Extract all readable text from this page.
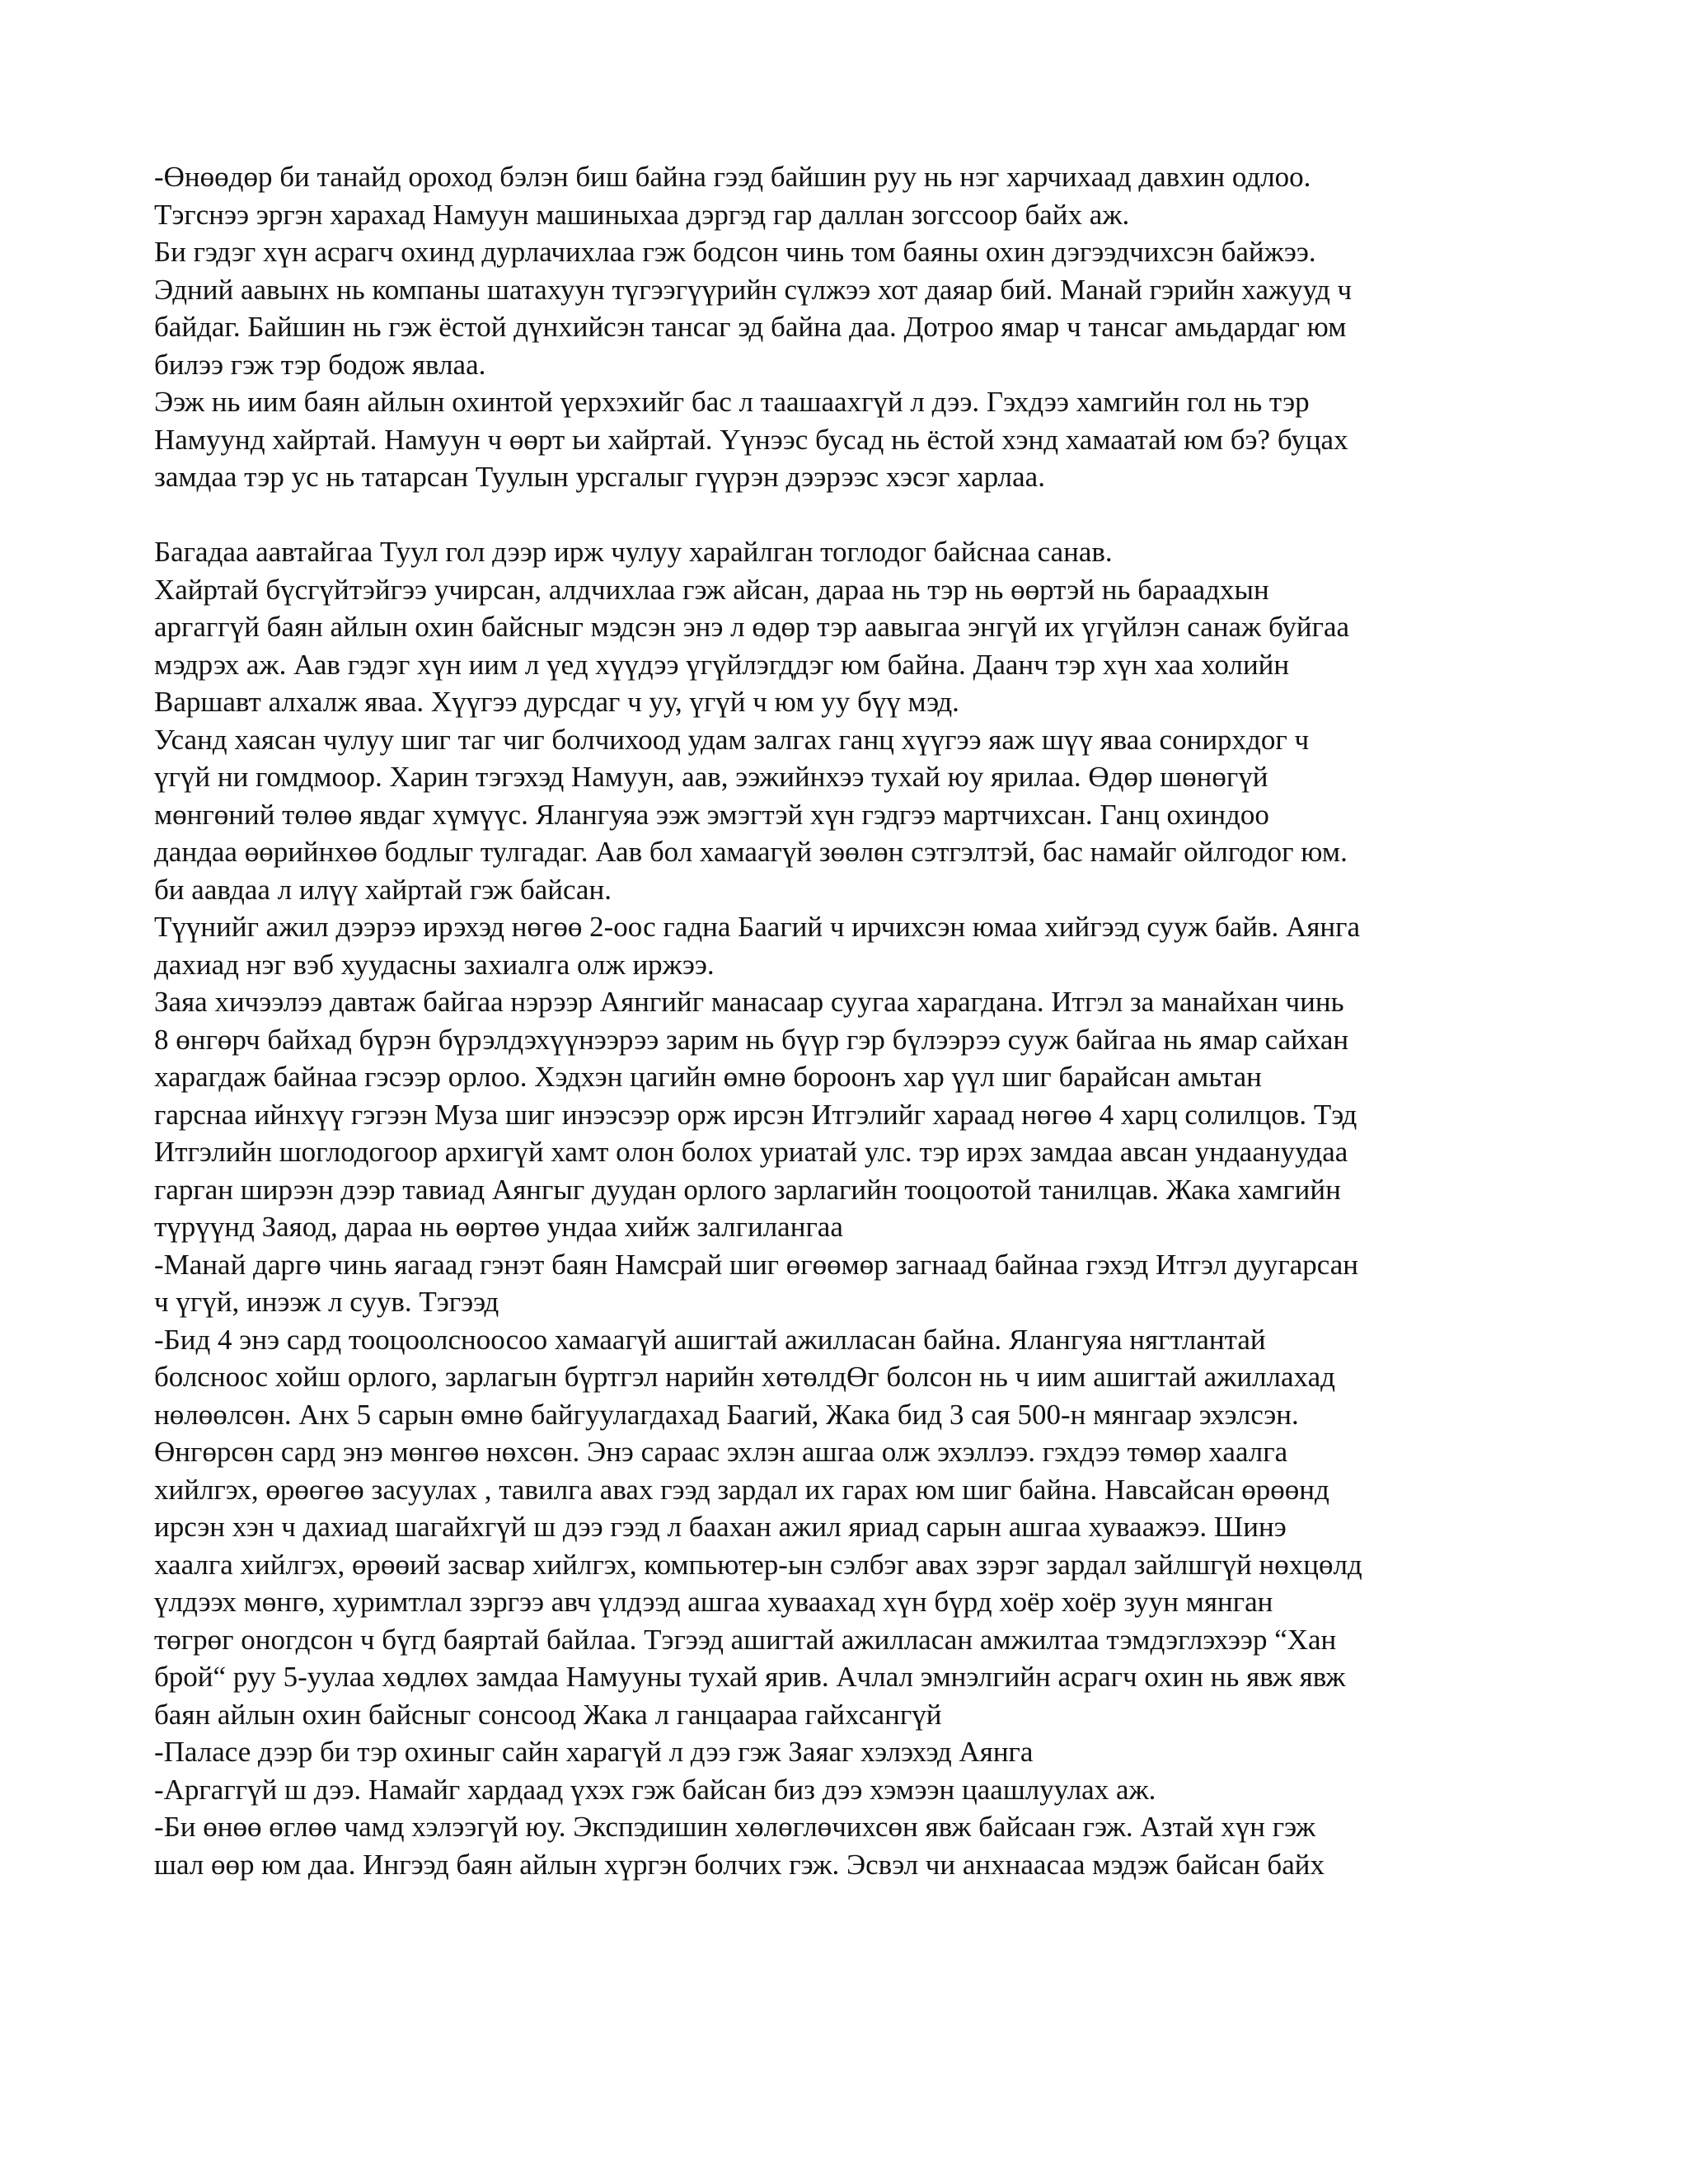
-Өнөөдөр би танайд ороход бэлэн биш байна гээд байшин руу нь нэг харчихаад давхин одлоо.
Тэгснээ эргэн харахад Намуун машиныхаа дэргэд гар даллан зогссоор байх аж.
Би гэдэг хүн асрагч охинд дурлачихлаа гэж бодсон чинь том баяны охин дэгээдчихсэн байжээ.
Эдний аавынх нь компаны шатахуун түгээгүүрийн сүлжээ хот даяар бий. Манай гэрийн хажууд ч
байдаг. Байшин нь гэж ёстой дүнхийсэн тансаг эд байна даа. Дотроо ямар ч тансаг амьдардаг юм
билээ гэж тэр бодож явлаа.
Ээж нь иим баян айлын охинтой үерхэхийг бас л таашаахгүй л дээ. Гэхдээ хамгийн гол нь тэр
Намуунд хайртай. Намуун ч өөрт ьи хайртай. Үүнээс бусад нь ёстой хэнд хамаатай юм бэ? буцах
замдаа тэр ус нь татарсан Туулын урсгалыг гүүрэн дээрээс хэсэг харлаа.
Багадаа аавтайгаа Туул гол дээр ирж чулуу харайлган тоглодог байснаа санав.
Хайртай бүсгүйтэйгээ учирсан, алдчихлаа гэж айсан, дараа нь тэр нь өөртэй нь бараадхын
аргаггүй баян айлын охин байсныг мэдсэн энэ л өдөр тэр аавыгаа энгүй их үгүйлэн санаж буйгаа
мэдрэх аж. Аав гэдэг хүн иим л үед хүүдээ үгүйлэгддэг юм байна. Даанч тэр хүн хаа холийн
Варшавт алхалж яваа. Хүүгээ дурсдаг ч уу, үгүй ч юм уу бүү мэд.
Усанд хаясан чулуу шиг таг чиг болчихоод удам залгах ганц хүүгээ яаж шүү яваа сонирхдог ч
үгүй ни гомдмоор. Харин тэгэхэд Намуун, аав, ээжийнхээ тухай юу ярилаа. Өдөр шөнөгүй
мөнгөний төлөө явдаг хүмүүс. Ялангуяа ээж эмэгтэй хүн гэдгээ мартчихсан. Ганц охиндоо
дандаа өөрийнхөө бодлыг тулгадаг. Аав бол хамаагүй зөөлөн сэтгэлтэй, бас намайг ойлгодог юм.
би аавдаа л илүү хайртай гэж байсан.
Түүнийг ажил дээрээ ирэхэд нөгөө 2-оос гадна Баагий ч ирчихсэн юмаа хийгээд сууж байв. Аянга
дахиад нэг вэб хуудасны захиалга олж иржээ.
Заяа хичээлээ давтаж байгаа нэрээр Аянгийг манасаар суугаа харагдана. Итгэл за манайхан чинь
8 өнгөрч байхад бүрэн бүрэлдэхүүнээрээ зарим нь бүүр гэр бүлээрээ сууж байгаа нь ямар сайхан
харагдаж байнаа гэсээр орлоо. Хэдхэн цагийн өмнө бороонъ хар үүл шиг барайсан амьтан
гарснаа ийнхүү гэгээн Муза шиг инээсээр орж ирсэн Итгэлийг хараад нөгөө 4 харц солилцов. Тэд
Итгэлийн шоглодогоор архигүй хамт олон болох уриатай улс. тэр ирэх замдаа авсан ундаануудаа
гарган ширээн дээр тавиад Аянгыг дуудан орлого зарлагийн тооцоотой танилцав. Жака хамгийн
түрүүнд Заяод, дараа нь өөртөө ундаа хийж залгилангаа
-Манай даргө чинь яагаад гэнэт баян Намсрай шиг өгөөмөр загнаад байнаа гэхэд Итгэл дуугарсан
ч үгүй, инээж л суув. Тэгээд
-Бид 4 энэ сард тооцоолсноосоо хамаагүй ашигтай ажилласан байна. Ялангуяа нягтлантай
болсноос хойш орлого, зарлагын бүртгэл нарийн хөтөлдӨг болсон нь ч иим ашигтай ажиллахад
нөлөөлсөн. Анх 5 сарын өмнө байгуулагдахад Баагий, Жака бид 3 сая 500-н мянгаар эхэлсэн.
Өнгөрсөн сард энэ мөнгөө нөхсөн. Энэ сараас эхлэн ашгаа олж эхэллээ. гэхдээ төмөр хаалга
хийлгэх, өрөөгөө засуулах , тавилга авах гээд зардал их гарах юм шиг байна. Навсайсан өрөөнд
ирсэн хэн ч дахиад шагайхгүй ш дээ гээд л баахан ажил яриад сарын ашгаа хуваажээ. Шинэ
хаалга хийлгэх, өрөөий засвар хийлгэх, компьютер-ын сэлбэг авах зэрэг зардал зайлшгүй нөхцөлд
үлдээх мөнгө, хуримтлал зэргээ авч үлдээд ашгаа хуваахад хүн бүрд хоёр хоёр зуун мянган
төгрөг оногдсон ч бүгд баяртай байлаа. Тэгээд ашигтай ажилласан амжилтаа тэмдэглэхээр “Хан
брой“ руу 5-уулаа хөдлөх замдаа Намууны тухай ярив. Ачлал эмнэлгийн асрагч охин нь явж явж
баян айлын охин байсныг сонсоод Жака л ганцаараа гайхсангүй
-Паласе дээр би тэр охиныг сайн харагүй л дээ гэж Заяаг хэлэхэд Аянга
-Аргаггүй ш дээ. Намайг хардаад үхэх гэж байсан биз дээ хэмээн цаашлуулах аж.
-Би өнөө өглөө чамд хэлээгүй юу. Экспэдишин хөлөглөчихсөн явж байсаан гэж. Азтай хүн гэж
шал өөр юм даа. Ингээд баян айлын хүргэн болчих гэж. Эсвэл чи анхнаасаа мэдэж байсан байх
